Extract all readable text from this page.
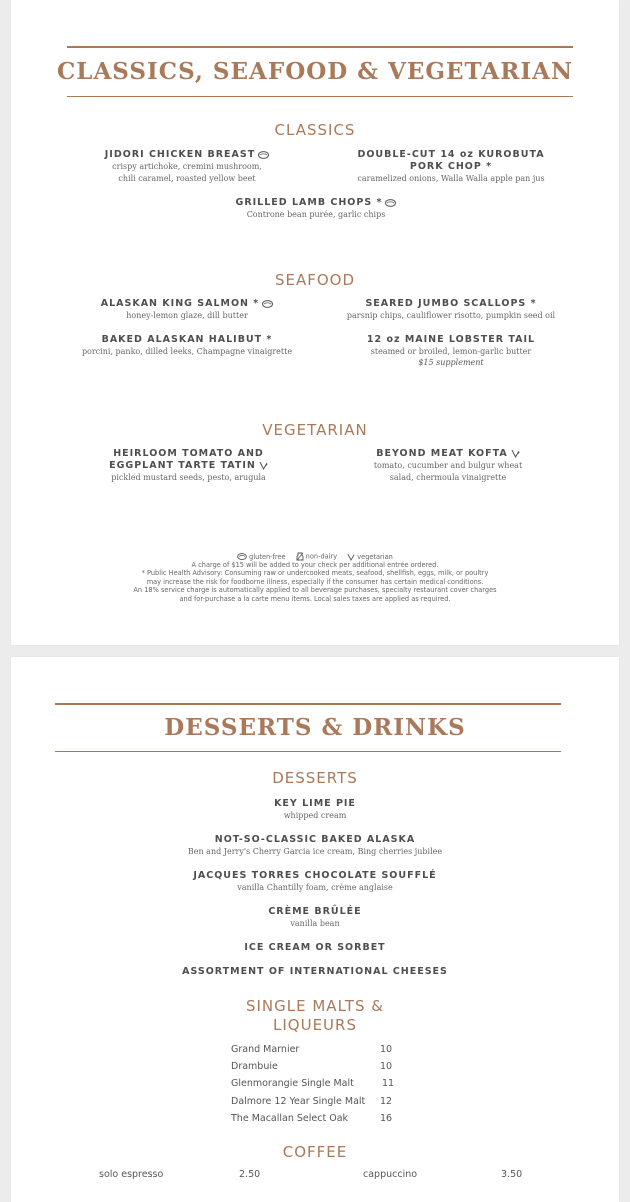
CLASSICS, SEAFOOD & VEGETARIAN
CLASSICS
JIDORI CHICKEN BREAST
crispy artichoke, cremini mushroom, chili caramel, roasted yellow beet
DOUBLE-CUT 14 oz KUROBUTA PORK CHOP *
caramelized onions, Walla Walla apple pan jus
GRILLED LAMB CHOPS *
Controne bean purée, garlic chips
SEAFOOD
ALASKAN KING SALMON *
honey-lemon glaze, dill butter
SEARED JUMBO SCALLOPS *
parsnip chips, cauliflower risotto, pumpkin seed oil
BAKED ALASKAN HALIBUT *
porcini, panko, dilled leeks, Champagne vinaigrette
12 oz MAINE LOBSTER TAIL
steamed or broiled, lemon-garlic butter
$15 supplement
VEGETARIAN
HEIRLOOM TOMATO AND EGGPLANT TARTE TATIN
pickled mustard seeds, pesto, arugula
BEYOND MEAT KOFTA
tomato, cucumber and bulgur wheat salad, chermoula vinaigrette
gluten-free	non-dairy	vegetarian
A charge of $15 will be added to your check per additional entrée ordered.
* Public Health Advisory: Consuming raw or undercooked meats, seafood, shellfish, eggs, milk, or poultry
may increase the risk for foodborne illness, especially if the consumer has certain medical conditions.
An 18% service charge is automatically applied to all beverage purchases, specialty restaurant cover charges
and for-purchase a la carte menu items. Local sales taxes are applied as required.
DESSERTS & DRINKS
DESSERTS
KEY LIME PIE
whipped cream
NOT-SO-CLASSIC BAKED ALASKA
Ben and Jerry's Cherry Garcia ice cream, Bing cherries jubilee
JACQUES TORRES CHOCOLATE SOUFFLÉ
vanilla Chantilly foam, crème anglaise
CRÈME BRÛLÉE
vanilla bean
ICE CREAM OR SORBET
ASSORTMENT OF INTERNATIONAL CHEESES
SINGLE MALTS &
LIQUEURS
Grand Marnier	10
Drambuie	10
Glenmorangie Single Malt	11
Dalmore 12 Year Single Malt 12
The Macallan Select Oak	16
COFFEE
solo espresso	2.50	cappuccino	3.50
